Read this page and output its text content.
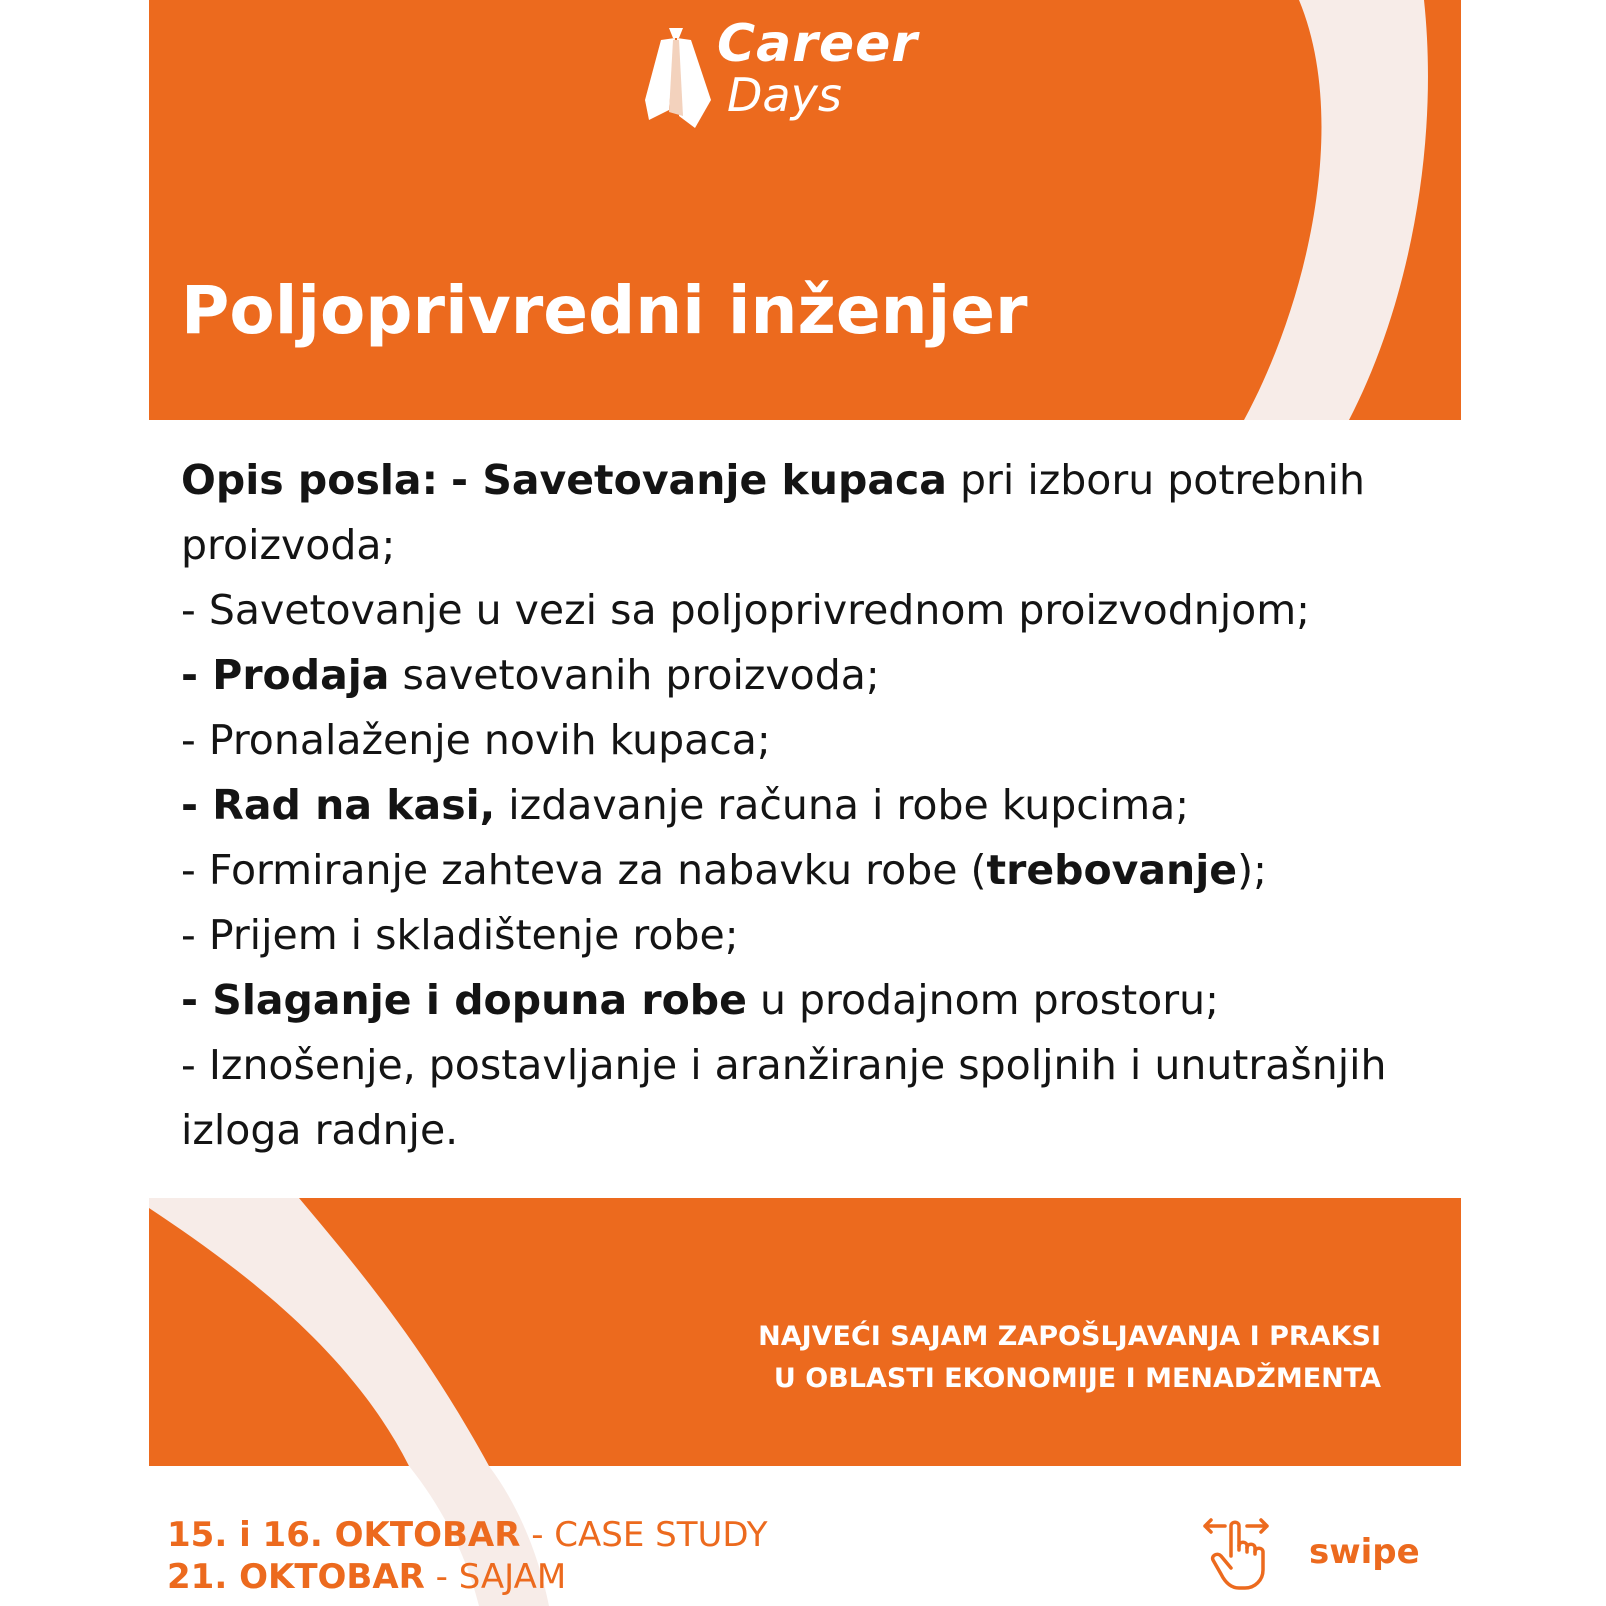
Career
Days
Poljoprivredni inženjer
Opis posla: - Savetovanje kupaca pri izboru potrebnih proizvoda;
- Savetovanje u vezi sa poljoprivrednom proizvodnjom;
- Prodaja savetovanih proizvoda;
- Pronalaženje novih kupaca;
- Rad na kasi, izdavanje računa i robe kupcima;
- Formiranje zahteva za nabavku robe (trebovanje);
- Prijem i skladištenje robe;
- Slaganje i dopuna robe u prodajnom prostoru;
- Iznošenje, postavljanje i aranžiranje spoljnih i unutrašnjih izloga radnje.
NAJVEĆI SAJAM ZAPOŠLJAVANJA I PRAKSI
U OBLASTI EKONOMIJE I MENADŽMENTA
15. i 16. OKTOBAR - CASE STUDY
21. OKTOBAR - SAJAM
swipe
